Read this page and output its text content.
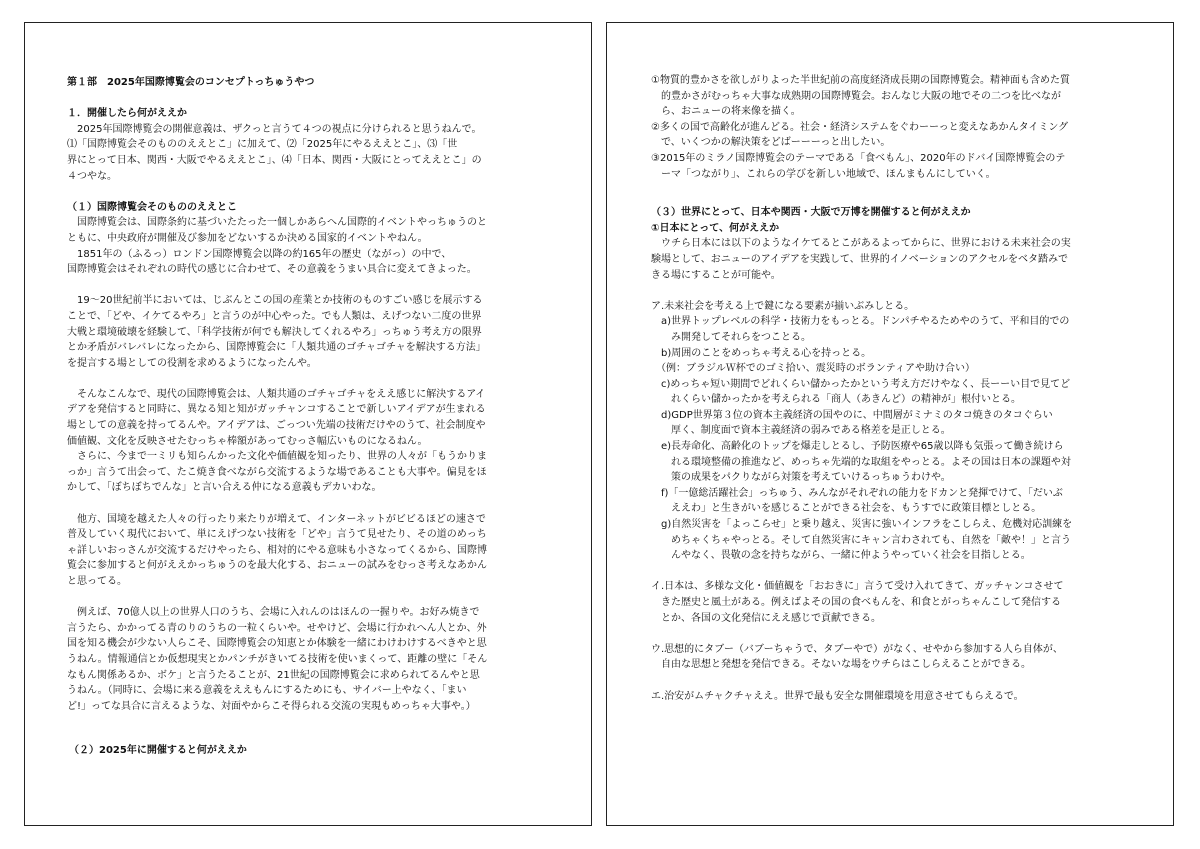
第１部　2025年国際博覧会のコンセプトっちゅうやつ

１．開催したら何がええか

　2025年国際博覧会の開催意義は、ザクっと言うて４つの視点に分けられると思うねんで。
⑴「国際博覧会そのもののええとこ」に加えて、⑵「2025年にやるええとこ」、⑶「世
界にとって日本、関西・大阪でやるええとこ」、⑷「日本、関西・大阪にとってええとこ」の
４つやな。

（１）国際博覧会そのもののええとこ

　国際博覧会は、国際条約に基づいたたった一個しかあらへん国際的イベントやっちゅうのと
ともに、中央政府が開催及び参加をどないするか決める国家的イベントやねん。
　1851年の（ふるっ）ロンドン国際博覧会以降の約165年の歴史（ながっ）の中で、
国際博覧会はそれぞれの時代の感じに合わせて、その意義をうまい具合に変えてきよった。

　19～20世紀前半においては、じぶんとこの国の産業とか技術のものすごい感じを展示する
ことで、「どや、イケてるやろ」と言うのが中心やった。でも人類は、えげつない二度の世界
大戦と環境破壊を経験して、「科学技術が何でも解決してくれるやろ」っちゅう考え方の限界
とか矛盾がバレバレになったから、国際博覧会に「人類共通のゴチャゴチャを解決する方法」
を提言する場としての役割を求めるようになったんや。

　そんなこんなで、現代の国際博覧会は、人類共通のゴチャゴチャをええ感じに解決するアイ
デアを発信すると同時に、異なる知と知がガッチャンコすることで新しいアイデアが生まれる
場としての意義を持ってるんや。アイデアは、ごっつい先端の技術だけやのうて、社会制度や
価値観、文化を反映させたむっちゃ棒額があってむっさ幅広いものになるねん。
　さらに、今まで一ミリも知らんかった文化や価値観を知ったり、世界の人々が「もうかりま
っか」言うて出会って、たこ焼き食べながら交流するような場であることも大事や。偏見をほ
かして、「ぼちぼちでんな」と言い合える仲になる意義もデカいわな。

　他方、国境を越えた人々の行ったり来たりが増えて、インターネットがビビるほどの速さで
普及していく現代において、単にえげつない技術を「どや」言うて見せたり、その道のめっち
ゃ詳しいおっさんが交流するだけやったら、相対的にやる意味も小さなってくるから、国際博
覧会に参加すると何がええかっちゅうのを最大化する、おニューの試みをむっさ考えなあかん
と思ってる。

　例えば、70億人以上の世界人口のうち、会場に入れんのはほんの一握りや。お好み焼きで
言うたら、かかってる青のりのうちの一粒くらいや。せやけど、会場に行かれへん人とか、外
国を知る機会が少ない人らこそ、国際博覧会の知恵とか体験を一緒にわけわけするべきやと思
うねん。情報通信とか仮想現実とかパンチがきいてる技術を使いまくって、距離の壁に「そん
なもん関係あるか、ボケ」と言うたることが、21世紀の国際博覧会に求められてるんやと思
うねん。（同時に、会場に来る意義をええもんにするためにも、サイバー上やなく、「まい
ど!」ってな具合に言えるような、対面やからこそ得られる交流の実現もめっちゃ大事や。）

（２）2025年に開催すると何がええか

①物質的豊かさを欲しがりよった半世紀前の高度経済成長期の国際博覧会。精神面も含めた質
　的豊かさがむっちゃ大事な成熟期の国際博覧会。おんなじ大阪の地でその二つを比べなが
　ら、おニューの将来像を描く。
②多くの国で高齢化が進んどる。社会・経済システムをぐわーーっと変えなあかんタイミング
　で、いくつかの解決策をどばーーーっと出したい。
③2015年のミラノ国際博覧会のテーマである「食べもん」、2020年のドバイ国際博覧会のテ
　ーマ「つながり」、これらの学びを新しい地域で、ほんまもんにしていく。

（３）世界にとって、日本や関西・大阪で万博を開催すると何がええか

①日本にとって、何がええか

　ウチら日本には以下のようなイケてるとこがあるよってからに、世界における未来社会の実
験場として、おニューのアイデアを実践して、世界的イノベーションのアクセルをベタ踏みで
きる場にすることが可能や。

ア.未来社会を考える上で鍵になる要素が揃いぶみしとる。

　a)世界トップレベルの科学・技術力をもっとる。ドンパチやるためやのうて、平和目的での
　　み開発してそれらをつことる。
　b)周囲のことをめっちゃ考える心を持っとる。
　（例：ブラジルＷ杯でのゴミ拾い、震災時のボランティアや助け合い）
　c)めっちゃ短い期間でどれくらい儲かったかという考え方だけやなく、長ーーい目で見てど
　　れくらい儲かったかを考えられる「商人（あきんど）の精神が」根付いとる。
　d)GDP世界第３位の資本主義経済の国やのに、中間層がミナミのタコ焼きのタコぐらい
　　厚く、制度面で資本主義経済の弱みである格差を是正しとる。
　e)長寿命化、高齢化のトップを爆走しとるし、予防医療や65歳以降も気張って働き続けら
　　れる環境整備の推進など、めっちゃ先端的な取組をやっとる。よその国は日本の課題や対
　　策の成果をパクりながら対策を考えていけるっちゅうわけや。
　f)「一億総活躍社会」っちゅう、みんながそれぞれの能力をドカンと発揮でけて、「だいぶ
　　ええわ」と生きがいを感じることができる社会を、もうすでに政策目標としとる。
　g)自然災害を「よっこらせ」と乗り越え、災害に強いインフラをこしらえ、危機対応訓練を
　　めちゃくちゃやっとる。そして自然災害にキャン言わされても、自然を「敵や！」と言う
　　んやなく、畏敬の念を持ちながら、一緒に仲ようやっていく社会を目指しとる。

イ.日本は、多様な文化・価値観を「おおきに」言うて受け入れてきて、ガッチャンコさせて
　きた歴史と風土がある。例えばよその国の食べもんを、和食とがっちゃんこして発信する
　とか、各国の文化発信にええ感じで貢献できる。

ウ.思想的にタブー（バブーちゃうで、タブーやで）がなく、せやから参加する人ら自体が、
　自由な思想と発想を発信できる。そないな場をウチらはこしらえることができる。

エ.治安がムチャクチャええ。世界で最も安全な開催環境を用意させてもらえるで。
